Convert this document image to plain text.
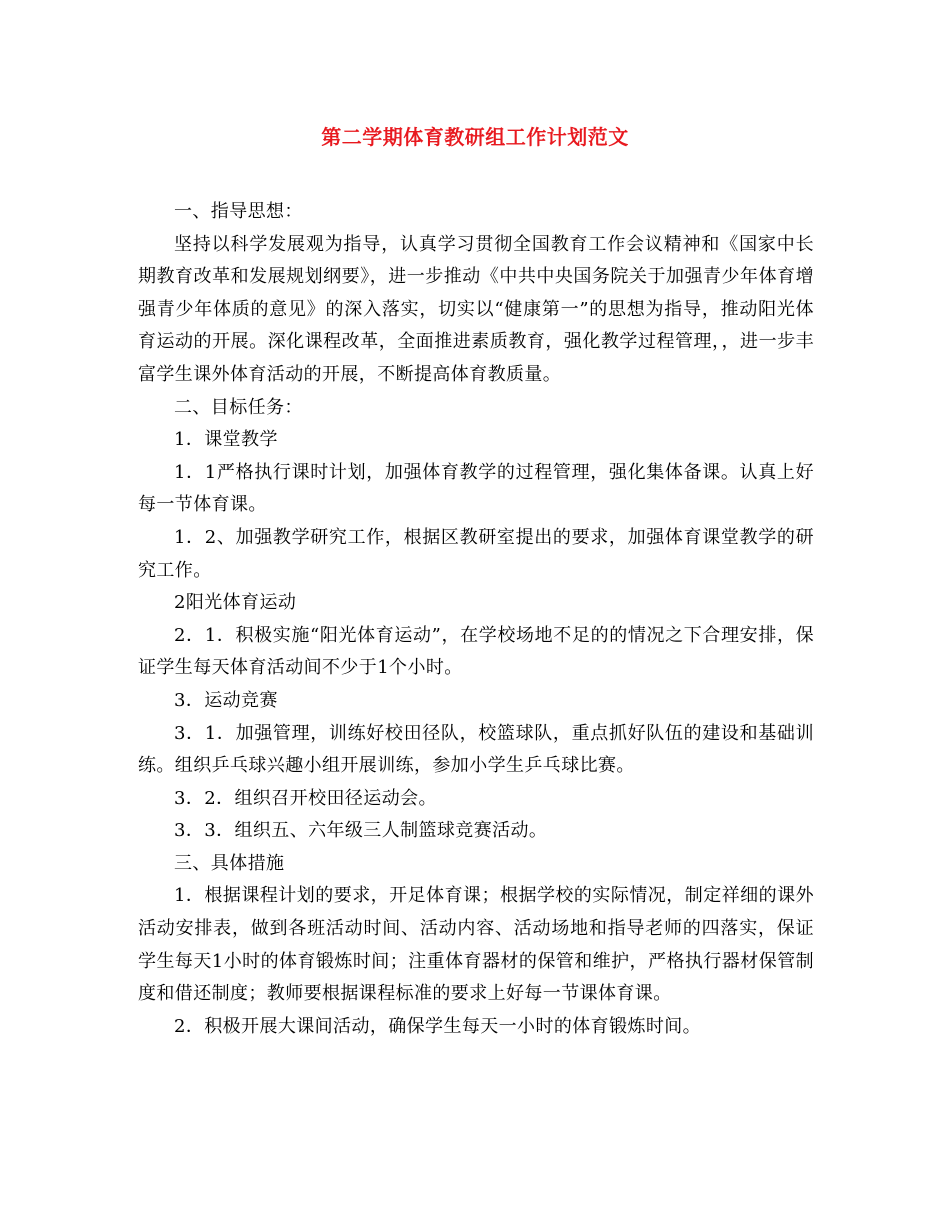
第二学期体育教研组工作计划范文

一、指导思想：

坚持以科学发展观为指导，认真学习贯彻全国教育工作会议精神和《国家中长期教育改革和发展规划纲要》，进一步推动《中共中央国务院关于加强青少年体育增强青少年体质的意见》的深入落实，切实以“健康第一”的思想为指导，推动阳光体育运动的开展。深化课程改革，全面推进素质教育，强化教学过程管理，，进一步丰富学生课外体育活动的开展，不断提高体育教质量。

二、目标任务：

1．课堂教学

1．1严格执行课时计划，加强体育教学的过程管理，强化集体备课。认真上好每一节体育课。

1．2、加强教学研究工作，根据区教研室提出的要求，加强体育课堂教学的研究工作。

2阳光体育运动

2．1．积极实施“阳光体育运动”，在学校场地不足的的情况之下合理安排，保证学生每天体育活动间不少于1个小时。

3．运动竞赛

3．1．加强管理，训练好校田径队，校篮球队，重点抓好队伍的建设和基础训练。组织乒乓球兴趣小组开展训练，参加小学生乒乓球比赛。

3．2．组织召开校田径运动会。

3．3．组织五、六年级三人制篮球竞赛活动。

三、具体措施

1．根据课程计划的要求，开足体育课；根据学校的实际情况，制定祥细的课外活动安排表，做到各班活动时间、活动内容、活动场地和指导老师的四落实，保证学生每天1小时的体育锻炼时间；注重体育器材的保管和维护，严格执行器材保管制度和借还制度；教师要根据课程标准的要求上好每一节课体育课。

2．积极开展大课间活动，确保学生每天一小时的体育锻炼时间。
